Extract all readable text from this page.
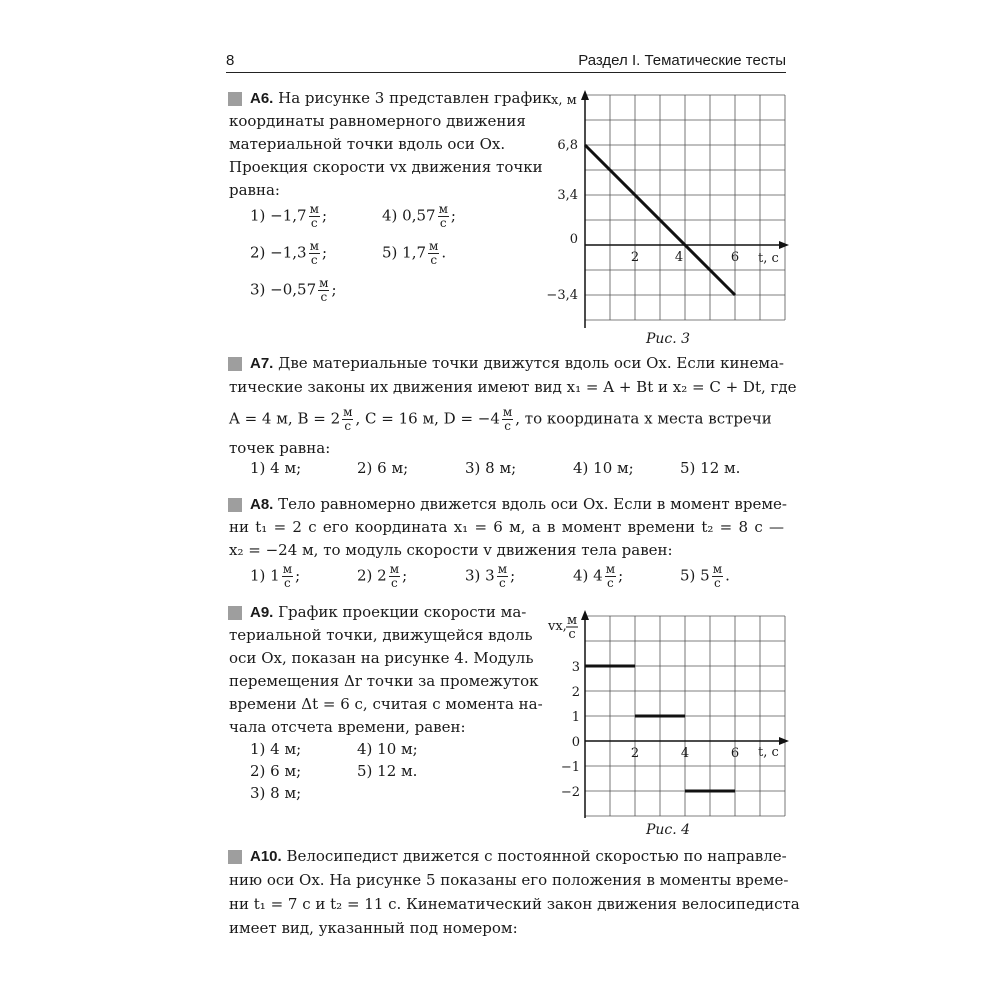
8	Раздел I. Тематические тесты
A6. На рисунке 3 представлен график
координаты равномерного движения
материальной точки вдоль оси Ox.
Проекция скорости vx движения точки
равна:
1) −1,7 м
с ;	4) 0,57 м
с ;
2) −1,3 м
с ;	5) 1,7 м
с .
3) −0,57 м
с ;
x, м
t, с
6,8
3,4
0
−3,4
2	4	6
Рис. 3
A7. Две материальные точки движутся вдоль оси Ox. Если кинема-
тические законы их движения имеют вид x₁ = A + Bt и x₂ = C + Dt, где
A = 4 м, B = 2 м
с , C = 16 м, D = −4 м
с , то координата x места встречи
точек равна:
1) 4 м;	2) 6 м;	3) 8 м;	4) 10 м;	5) 12 м.
A8. Тело равномерно движется вдоль оси Ox. Если в момент време-
ни t₁ = 2 с его координата x₁ = 6 м, а в момент времени t₂ = 8 с —
x₂ = −24 м, то модуль скорости v движения тела равен:
1) 1 м
с ;	2) 2 м
с ;	3) 3 м
с ;	4) 4 м
с ;	5) 5 м
с .
A9. График проекции скорости ма-
териальной точки, движущейся вдоль
оси Ox, показан на рисунке 4. Модуль
перемещения Δr точки за промежуток
времени Δt = 6 с, считая с момента на-
чала отсчета времени, равен:
1) 4 м;	4) 10 м;
2) 6 м;	5) 12 м.
3) 8 м;
vx, м
с
t, с
3
2
1
0
−1
−2
2	4	6
Рис. 4
A10. Велосипедист движется с постоянной скоростью по направле-
нию оси Ox. На рисунке 5 показаны его положения в моменты време-
ни t₁ = 7 с и t₂ = 11 с. Кинематический закон движения велосипедиста
имеет вид, указанный под номером:
